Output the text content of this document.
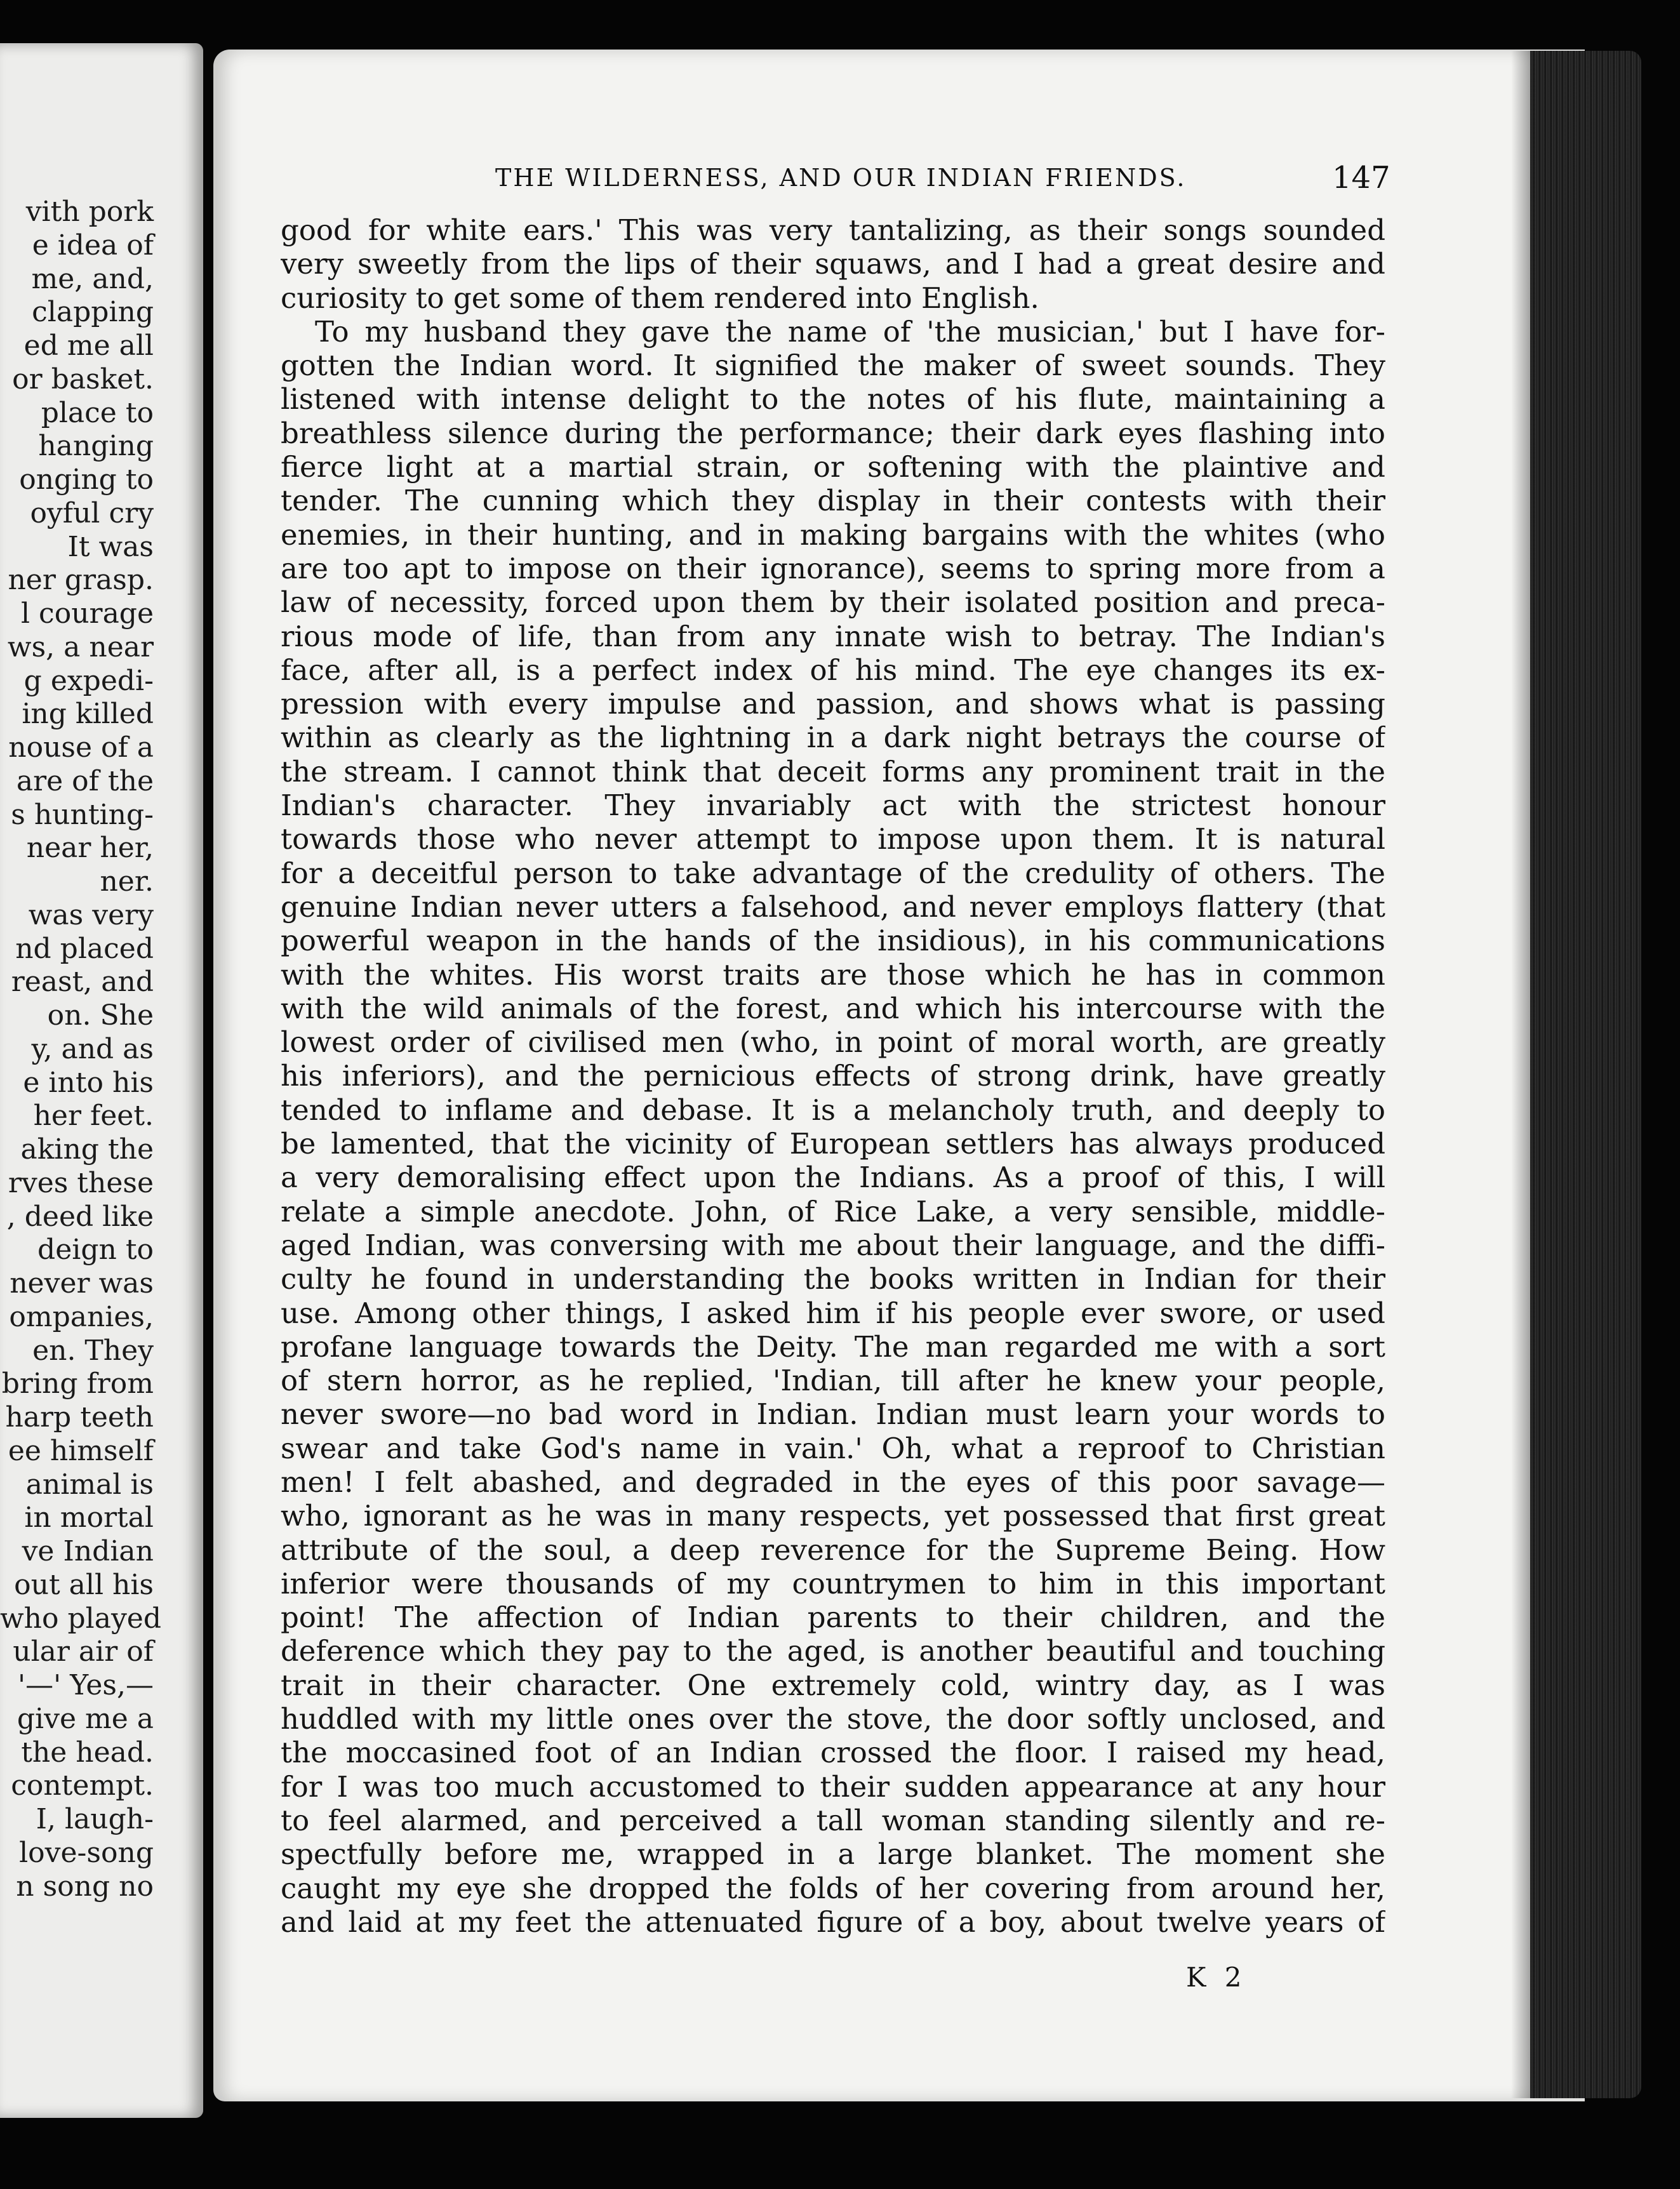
vith pork
e idea of
me, and,
clapping
ed me all
or basket.
place to
hanging
onging to
oyful cry
It was
ner grasp.
l courage
ws, a near
g expedi-
ing killed
nouse of a
are of the
s hunting-
near her,
ner.
was very
nd placed
reast, and
on. She
y, and as
e into his
her feet.
aking the
rves these
, deed like
deign to
never was
ompanies,
en. They
bring from
harp teeth
ee himself
animal is
in mortal
ve Indian
out all his
who played
ular air of
'—' Yes,—
give me a
the head.
contempt.
I, laugh-
love-song
n song no
THE WILDERNESS, AND OUR INDIAN FRIENDS.	147
good for white ears.' This was very tantalizing, as their songs sounded
very sweetly from the lips of their squaws, and I had a great desire and
curiosity to get some of them rendered into English.
To my husband they gave the name of 'the musician,' but I have for-
gotten the Indian word. It signified the maker of sweet sounds. They
listened with intense delight to the notes of his flute, maintaining a
breathless silence during the performance; their dark eyes flashing into
fierce light at a martial strain, or softening with the plaintive and
tender. The cunning which they display in their contests with their
enemies, in their hunting, and in making bargains with the whites (who
are too apt to impose on their ignorance), seems to spring more from a
law of necessity, forced upon them by their isolated position and preca-
rious mode of life, than from any innate wish to betray. The Indian's
face, after all, is a perfect index of his mind. The eye changes its ex-
pression with every impulse and passion, and shows what is passing
within as clearly as the lightning in a dark night betrays the course of
the stream. I cannot think that deceit forms any prominent trait in the
Indian's character. They invariably act with the strictest honour
towards those who never attempt to impose upon them. It is natural
for a deceitful person to take advantage of the credulity of others. The
genuine Indian never utters a falsehood, and never employs flattery (that
powerful weapon in the hands of the insidious), in his communications
with the whites. His worst traits are those which he has in common
with the wild animals of the forest, and which his intercourse with the
lowest order of civilised men (who, in point of moral worth, are greatly
his inferiors), and the pernicious effects of strong drink, have greatly
tended to inflame and debase. It is a melancholy truth, and deeply to
be lamented, that the vicinity of European settlers has always produced
a very demoralising effect upon the Indians. As a proof of this, I will
relate a simple anecdote. John, of Rice Lake, a very sensible, middle-
aged Indian, was conversing with me about their language, and the diffi-
culty he found in understanding the books written in Indian for their
use. Among other things, I asked him if his people ever swore, or used
profane language towards the Deity. The man regarded me with a sort
of stern horror, as he replied, 'Indian, till after he knew your people,
never swore—no bad word in Indian. Indian must learn your words to
swear and take God's name in vain.' Oh, what a reproof to Christian
men! I felt abashed, and degraded in the eyes of this poor savage—
who, ignorant as he was in many respects, yet possessed that first great
attribute of the soul, a deep reverence for the Supreme Being. How
inferior were thousands of my countrymen to him in this important
point! The affection of Indian parents to their children, and the
deference which they pay to the aged, is another beautiful and touching
trait in their character. One extremely cold, wintry day, as I was
huddled with my little ones over the stove, the door softly unclosed, and
the moccasined foot of an Indian crossed the floor. I raised my head,
for I was too much accustomed to their sudden appearance at any hour
to feel alarmed, and perceived a tall woman standing silently and re-
spectfully before me, wrapped in a large blanket. The moment she
caught my eye she dropped the folds of her covering from around her,
and laid at my feet the attenuated figure of a boy, about twelve years of
K 2
